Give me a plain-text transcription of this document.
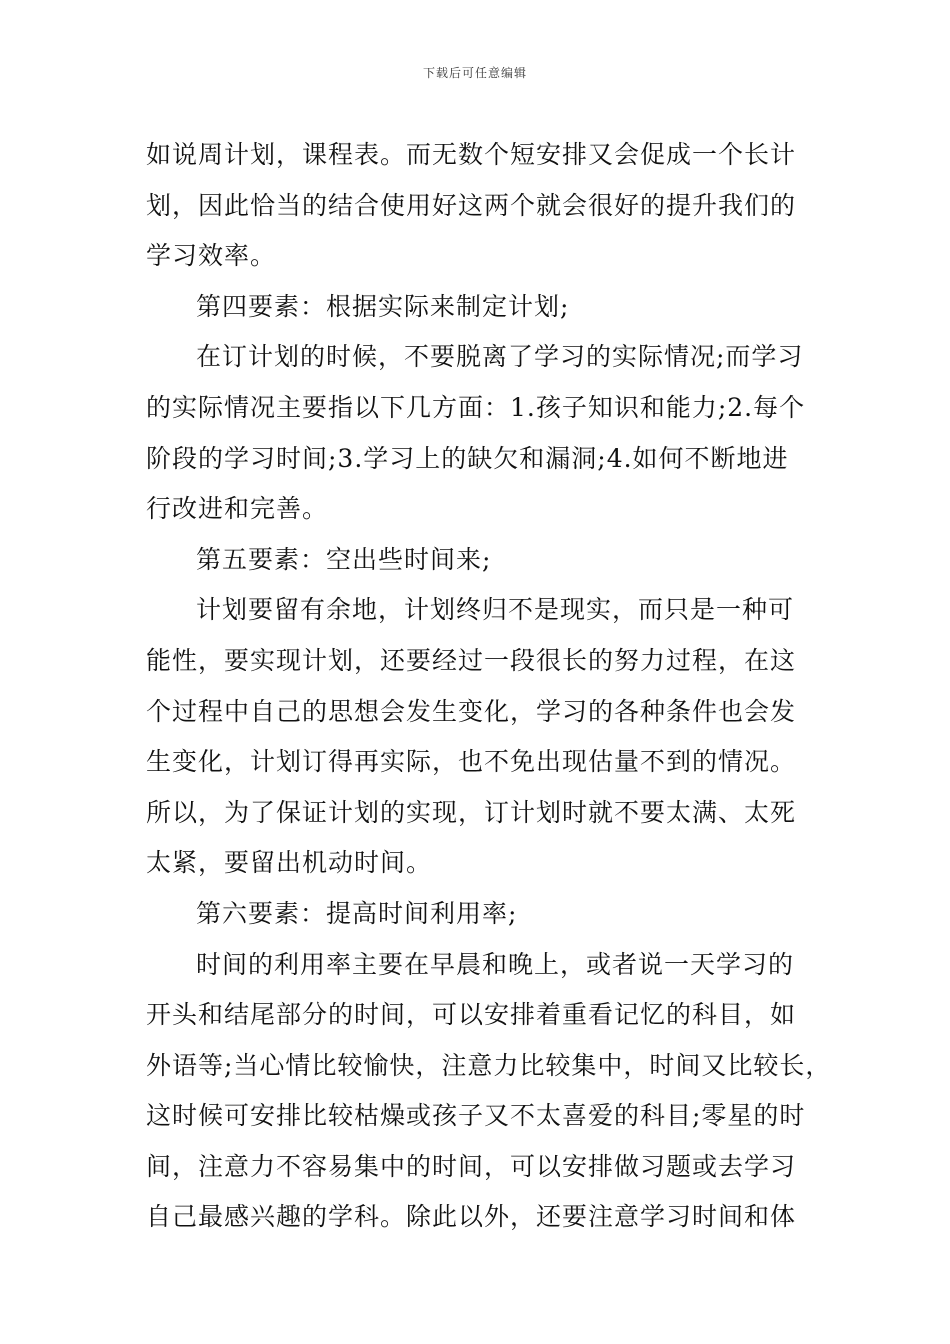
下载后可任意编辑
如说周计划，课程表。而无数个短安排又会促成一个长计
划，因此恰当的结合使用好这两个就会很好的提升我们的
学习效率。
第四要素：根据实际来制定计划;
在订计划的时候，不要脱离了学习的实际情况;而学习
的实际情况主要指以下几方面：1.孩子知识和能力;2.每个
阶段的学习时间;3.学习上的缺欠和漏洞;4.如何不断地进
行改进和完善。
第五要素：空出些时间来;
计划要留有余地，计划终归不是现实，而只是一种可
能性，要实现计划，还要经过一段很长的努力过程，在这
个过程中自己的思想会发生变化，学习的各种条件也会发
生变化，计划订得再实际，也不免出现估量不到的情况。
所以，为了保证计划的实现，订计划时就不要太满、太死
太紧，要留出机动时间。
第六要素：提高时间利用率;
时间的利用率主要在早晨和晚上，或者说一天学习的
开头和结尾部分的时间，可以安排着重看记忆的科目，如
外语等;当心情比较愉快，注意力比较集中，时间又比较长，
这时候可安排比较枯燥或孩子又不太喜爱的科目;零星的时
间，注意力不容易集中的时间，可以安排做习题或去学习
自己最感兴趣的学科。除此以外，还要注意学习时间和体
